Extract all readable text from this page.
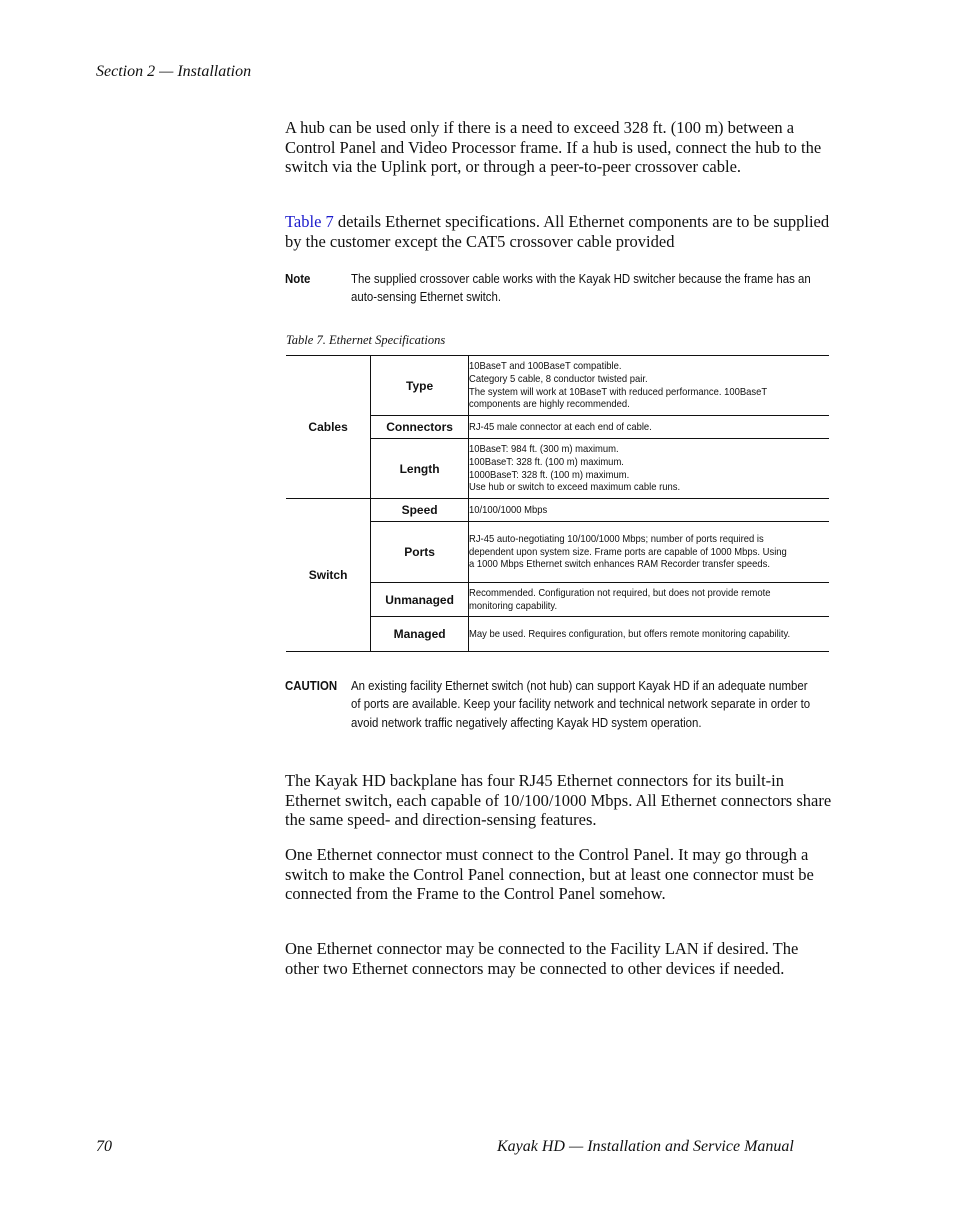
Section 2 — Installation

A hub can be used only if there is a need to exceed 328 ft. (100 m) between a Control Panel and Video Processor frame. If a hub is used, connect the hub to the switch via the Uplink port, or through a peer-to-peer crossover cable.

Table 7 details Ethernet specifications. All Ethernet components are to be supplied by the customer except the CAT5 crossover cable provided

Note	The supplied crossover cable works with the Kayak HD switcher because the frame has an auto-sensing Ethernet switch.
Table 7. Ethernet Specifications
Cables	Type	10BaseT and 100BaseT compatible.
Category 5 cable, 8 conductor twisted pair.
The system will work at 10BaseT with reduced performance. 100BaseT components are highly recommended.

	Connectors	RJ-45 male connector at each end of cable.

	Length	10BaseT: 984 ft. (300 m) maximum.
100BaseT: 328 ft. (100 m) maximum.
1000BaseT: 328 ft. (100 m) maximum.
Use hub or switch to exceed maximum cable runs.

Switch	Speed	10/100/1000 Mbps

	Ports	RJ-45 auto-negotiating 10/100/1000 Mbps; number of ports required is dependent upon system size. Frame ports are capable of 1000 Mbps. Using a 1000 Mbps Ethernet switch enhances RAM Recorder transfer speeds.

	Unmanaged	Recommended. Configuration not required, but does not provide remote monitoring capability.

	Managed	May be used. Requires configuration, but offers remote monitoring capability.
CAUTION An existing facility Ethernet switch (not hub) can support Kayak HD if an adequate number of ports are available. Keep your facility network and technical network separate in order to avoid network traffic negatively affecting Kayak HD system operation.

The Kayak HD backplane has four RJ45 Ethernet connectors for its built-in Ethernet switch, each capable of 10/100/1000 Mbps. All Ethernet connectors share the same speed- and direction-sensing features.

One Ethernet connector must connect to the Control Panel. It may go through a switch to make the Control Panel connection, but at least one connector must be connected from the Frame to the Control Panel somehow.

One Ethernet connector may be connected to the Facility LAN if desired. The other two Ethernet connectors may be connected to other devices if needed.

70	Kayak HD — Installation and Service Manual
